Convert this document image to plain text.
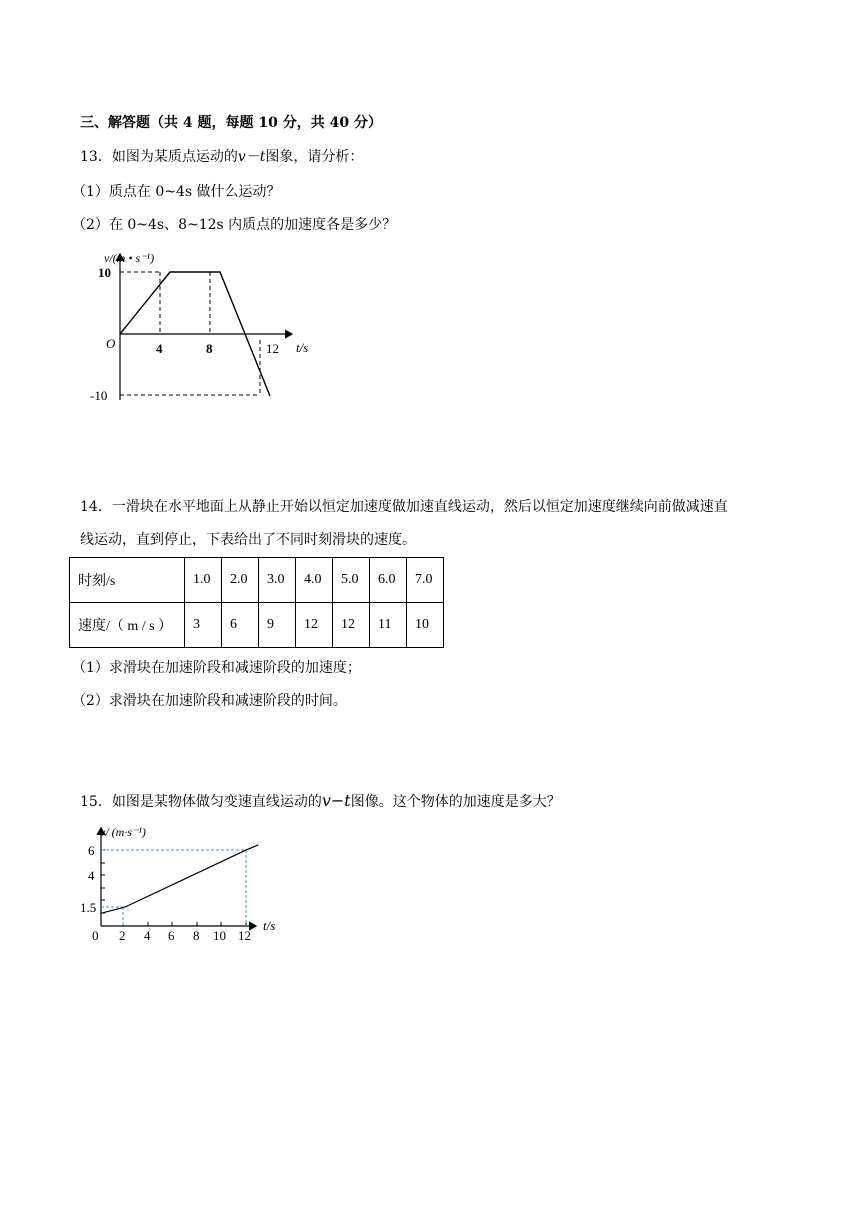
三、解答题（共 4 题，每题 10 分，共 40 分）
13．如图为某质点运动的v－t图象，请分析：
（1）质点在 0~4s 做什么运动？
（2）在 0~4s、8~12s 内质点的加速度各是多少？
v/(m • s⁻¹)
t/s
O
10
-10
4	8	12
14．一滑块在水平地面上从静止开始以恒定加速度做加速直线运动，然后以恒定加速度继续向前做减速直
线运动，直到停止，下表给出了不同时刻滑块的速度。
时刻/s	1.0	2.0	3.0	4.0	5.0	6.0	7.0
速度/（ m / s ）	3	6	9	12	12	11	10
（1）求滑块在加速阶段和减速阶段的加速度；
（2）求滑块在加速阶段和减速阶段的时间。
15．如图是某物体做匀变速直线运动的v−t图像。这个物体的加速度是多大？
v/ (m·s⁻¹)
t/s
6
4
1.5
0 2 4 6 8 10 12
